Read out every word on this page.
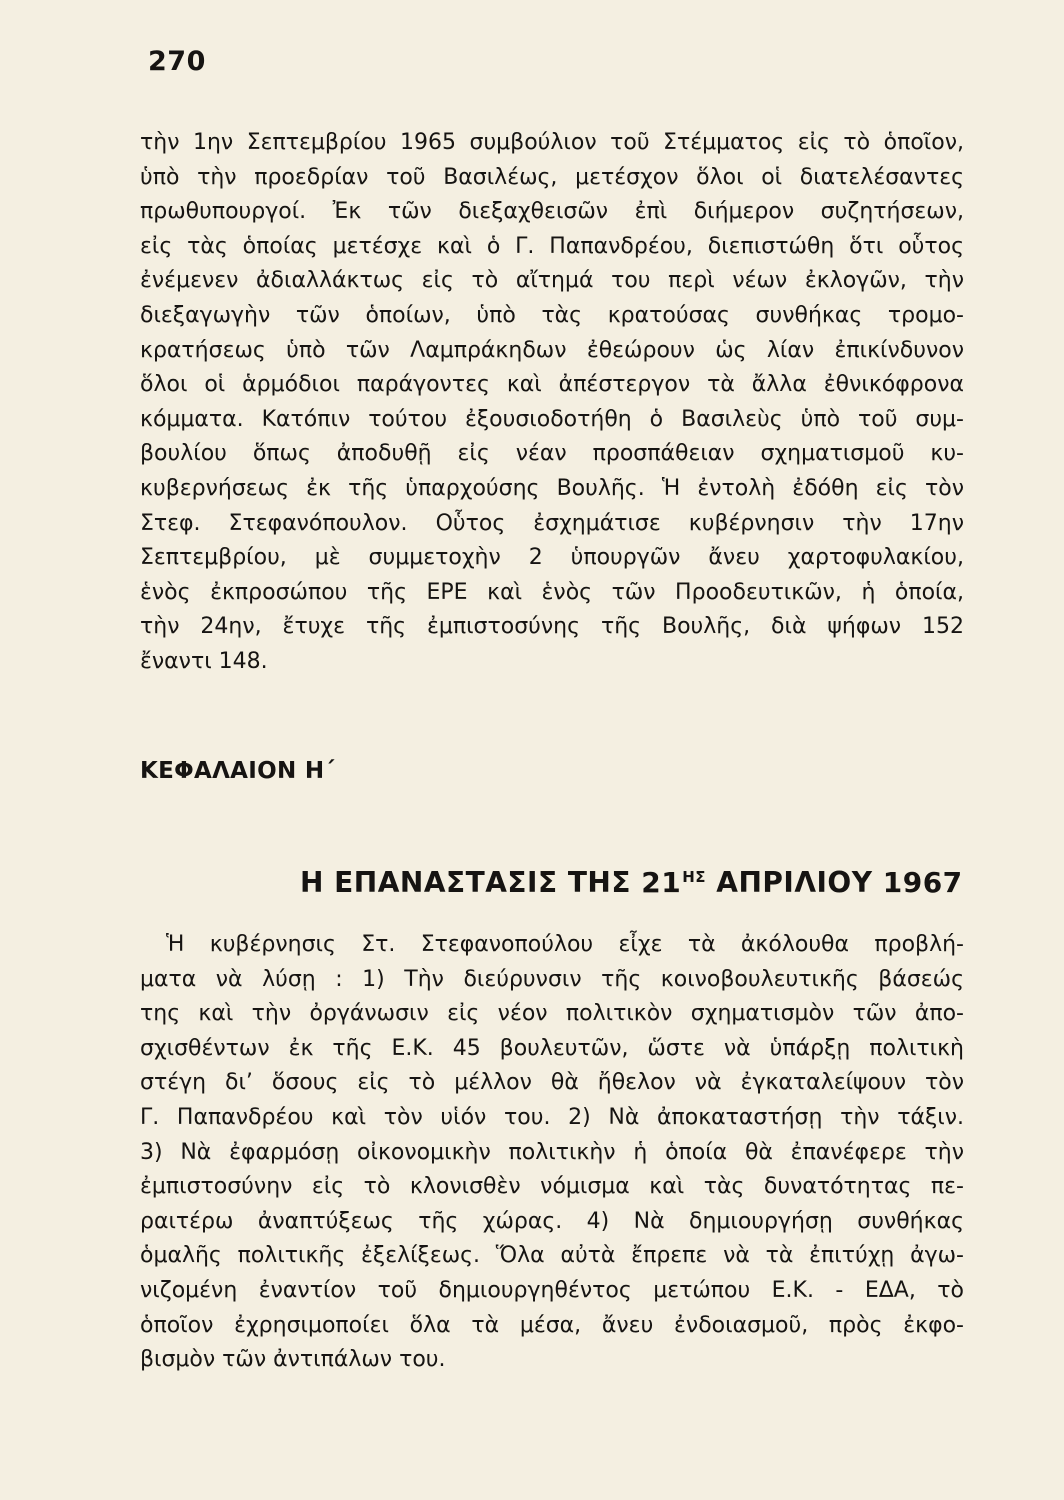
270
τὴν 1ην Σεπτεμβρίου 1965 συμβούλιον τοῦ Στέμματος εἰς τὸ ὁποῖον,
ὑπὸ τὴν προεδρίαν τοῦ Βασιλέως, μετέσχον ὅλοι οἱ διατελέσαντες
πρωθυπουργοί. Ἐκ τῶν διεξαχθεισῶν ἐπὶ διήμερον συζητήσεων,
εἰς τὰς ὁποίας μετέσχε καὶ ὁ Γ. Παπανδρέου, διεπιστώθη ὅτι οὗτος
ἐνέμενεν ἀδιαλλάκτως εἰς τὸ αἴτημά του περὶ νέων ἐκλογῶν, τὴν
διεξαγωγὴν τῶν ὁποίων, ὑπὸ τὰς κρατούσας συνθήκας τρομο-
κρατήσεως ὑπὸ τῶν Λαμπράκηδων ἐθεώρουν ὡς λίαν ἐπικίνδυνον
ὅλοι οἱ ἁρμόδιοι παράγοντες καὶ ἀπέστεργον τὰ ἄλλα ἐθνικόφρονα
κόμματα. Κατόπιν τούτου ἐξουσιοδοτήθη ὁ Βασιλεὺς ὑπὸ τοῦ συμ-
βουλίου ὅπως ἀποδυθῇ εἰς νέαν προσπάθειαν σχηματισμοῦ κυ-
κυβερνήσεως ἐκ τῆς ὑπαρχούσης Βουλῆς. Ἡ ἐντολὴ ἐδόθη εἰς τὸν
Στεφ. Στεφανόπουλον. Οὗτος ἐσχημάτισε κυβέρνησιν τὴν 17ην
Σεπτεμβρίου, μὲ συμμετοχὴν 2 ὑπουργῶν ἄνευ χαρτοφυλακίου,
ἑνὸς ἐκπροσώπου τῆς ΕΡΕ καὶ ἑνὸς τῶν Προοδευτικῶν, ἡ ὁποία,
τὴν 24ην, ἔτυχε τῆς ἐμπιστοσύνης τῆς Βουλῆς, διὰ ψήφων 152
ἔναντι 148.
ΚΕΦΑΛΑΙΟΝ Η΄
Η ΕΠΑΝΑΣΤΑΣΙΣ ΤΗΣ $21^{H\Sigma}$ ΑΠΡΙΛΙΟΥ 1967
Ἡ κυβέρνησις Στ. Στεφανοπούλου εἶχε τὰ ἀκόλουθα προβλή-
ματα νὰ λύσῃ : 1) Τὴν διεύρυνσιν τῆς κοινοβουλευτικῆς βάσεώς
της καὶ τὴν ὀργάνωσιν εἰς νέον πολιτικὸν σχηματισμὸν τῶν ἀπο-
σχισθέντων ἐκ τῆς Ε.Κ. 45 βουλευτῶν, ὥστε νὰ ὑπάρξῃ πολιτικὴ
στέγη δι’ ὅσους εἰς τὸ μέλλον θὰ ἤθελον νὰ ἐγκαταλείψουν τὸν
Γ. Παπανδρέου καὶ τὸν υἱόν του. 2) Νὰ ἀποκαταστήσῃ τὴν τάξιν.
3) Νὰ ἐφαρμόσῃ οἰκονομικὴν πολιτικὴν ἡ ὁποία θὰ ἐπανέφερε τὴν
ἐμπιστοσύνην εἰς τὸ κλονισθὲν νόμισμα καὶ τὰς δυνατότητας πε-
ραιτέρω ἀναπτύξεως τῆς χώρας. 4) Νὰ δημιουργήσῃ συνθήκας
ὁμαλῆς πολιτικῆς ἐξελίξεως. Ὅλα αὐτὰ ἔπρεπε νὰ τὰ ἐπιτύχῃ ἀγω-
νιζομένη ἐναντίον τοῦ δημιουργηθέντος μετώπου Ε.Κ. - ΕΔΑ, τὸ
ὁποῖον ἐχρησιμοποίει ὅλα τὰ μέσα, ἄνευ ἐνδοιασμοῦ, πρὸς ἐκφο-
βισμὸν τῶν ἀντιπάλων του.
